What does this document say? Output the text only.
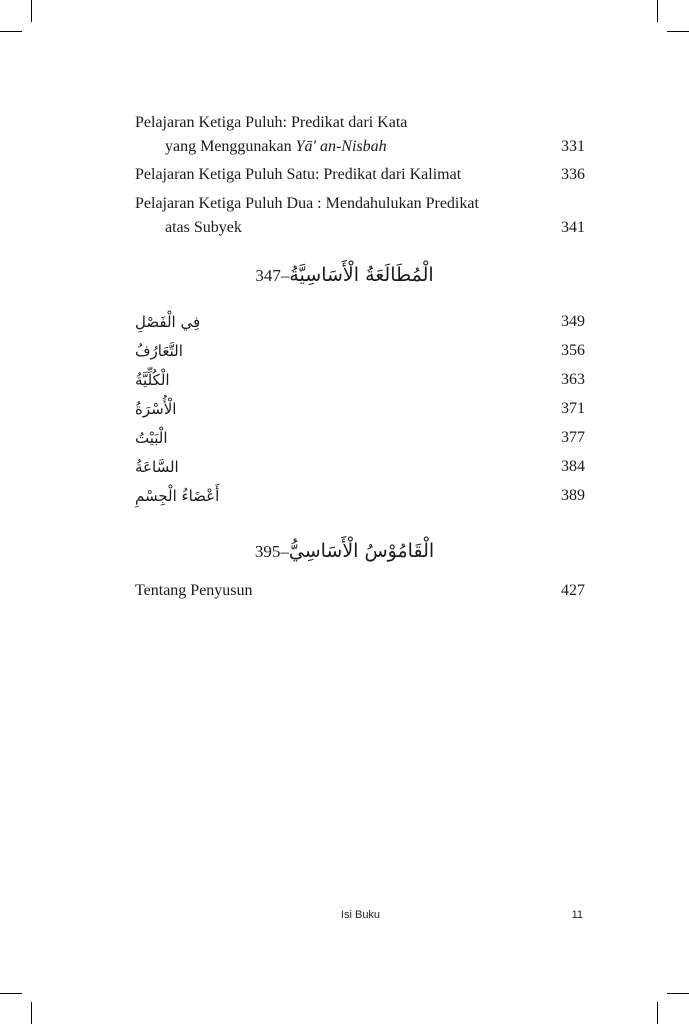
Pelajaran Ketiga Puluh: Predikat dari Kata
yang Menggunakan Yā' an-Nisbah	331
Pelajaran Ketiga Puluh Satu: Predikat dari Kalimat	336
Pelajaran Ketiga Puluh Dua : Mendahulukan Predikat
atas Subyek	341
347–الْمُطَالَعَةُ الْأَسَاسِيَّةُ
فِي الْفَصْلِ	349
التَّعَارُفُ	356
الْكُلِّيَّةُ	363
الْأُسْرَةُ	371
الْبَيْتُ	377
السَّاعَةُ	384
أَعْضَاءُ الْجِسْمِ	389
395–الْقَامُوْسُ الْأَسَاسِيُّ
Tentang Penyusun	427
Isi Buku	11
